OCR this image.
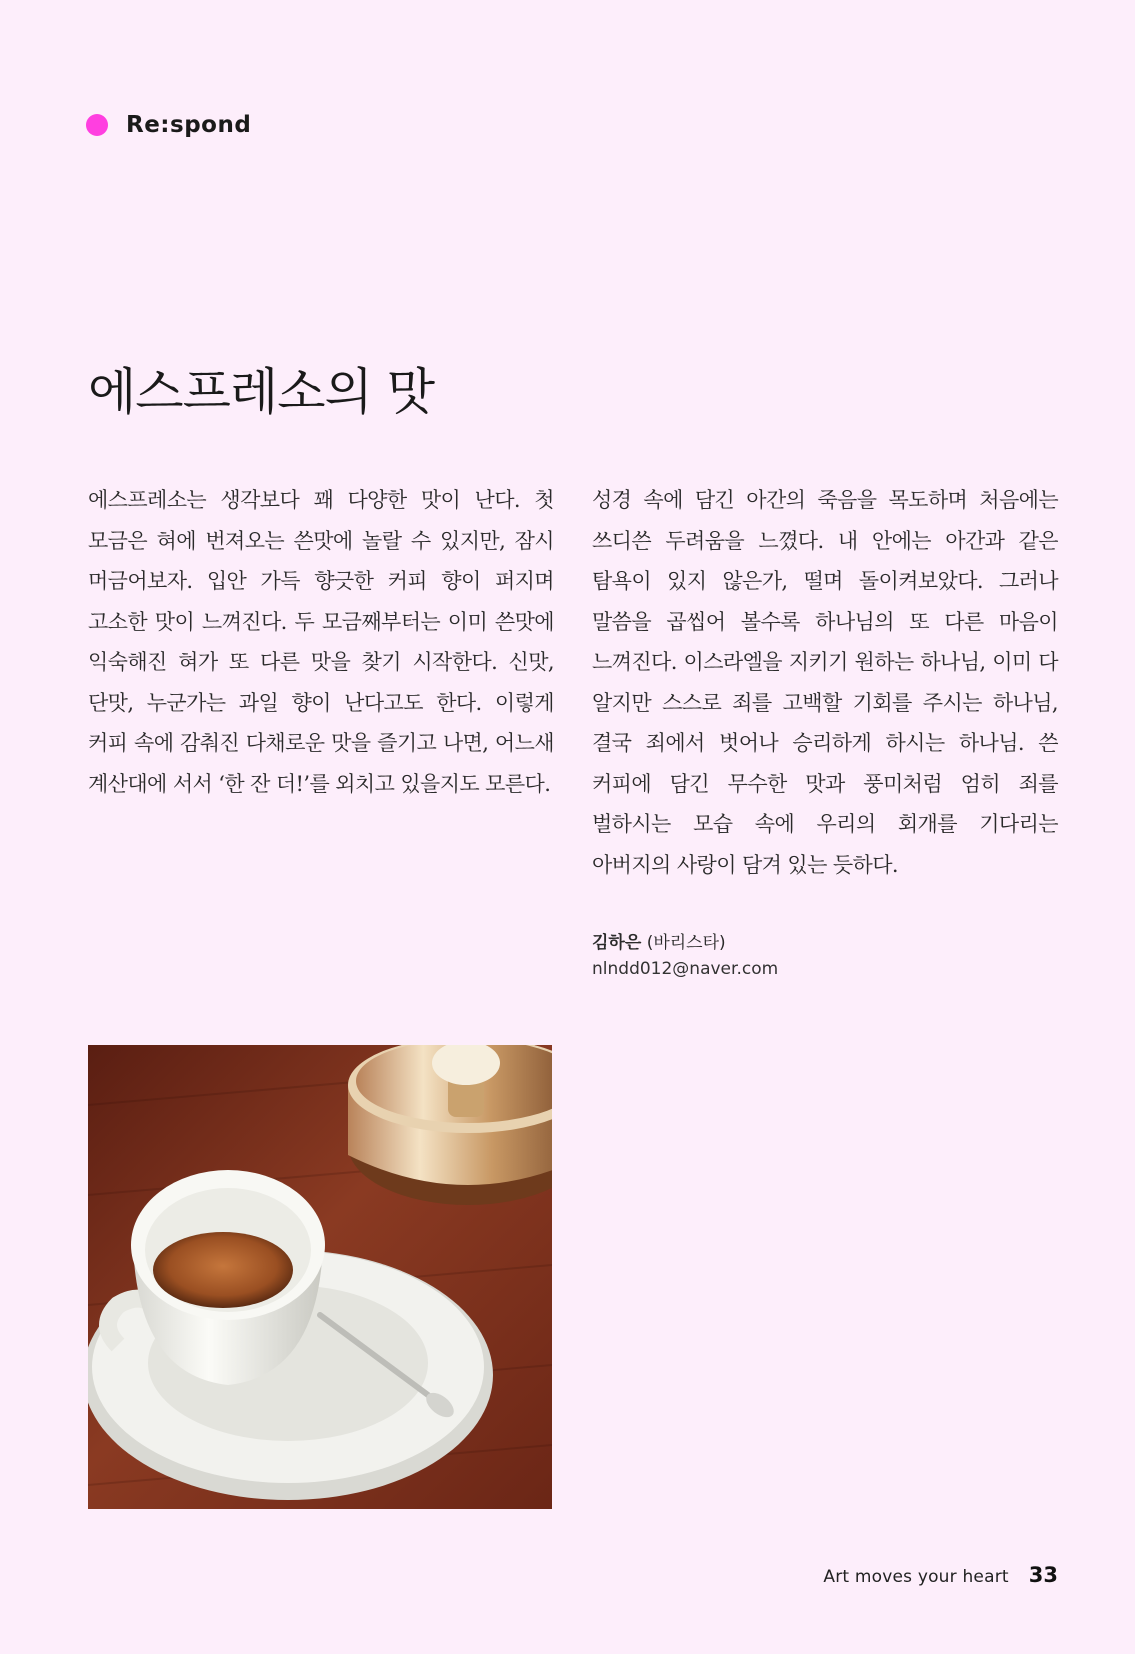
Re:spond
에스프레소의 맛

에스프레소는 생각보다 꽤 다양한 맛이 난다. 첫 모금은 혀에 번져오는 쓴맛에 놀랄 수 있지만, 잠시 머금어보자. 입안 가득 향긋한 커피 향이 퍼지며 고소한 맛이 느껴진다. 두 모금째부터는 이미 쓴맛에 익숙해진 혀가 또 다른 맛을 찾기 시작한다. 신맛, 단맛, 누군가는 과일 향이 난다고도 한다. 이렇게 커피 속에 감춰진 다채로운 맛을 즐기고 나면, 어느새 계산대에 서서 ‘한 잔 더!’를 외치고 있을지도 모른다.

성경 속에 담긴 아간의 죽음을 목도하며 처음에는 쓰디쓴 두려움을 느꼈다. 내 안에는 아간과 같은 탐욕이 있지 않은가, 떨며 돌이켜보았다. 그러나 말씀을 곱씹어 볼수록 하나님의 또 다른 마음이 느껴진다. 이스라엘을 지키기 원하는 하나님, 이미 다 알지만 스스로 죄를 고백할 기회를 주시는 하나님, 결국 죄에서 벗어나 승리하게 하시는 하나님. 쓴 커피에 담긴 무수한 맛과 풍미처럼 엄히 죄를 벌하시는 모습 속에 우리의 회개를 기다리는 아버지의 사랑이 담겨 있는 듯하다.

김하은 (바리스타)
nlndd012@naver.com
Art moves your heart 33
